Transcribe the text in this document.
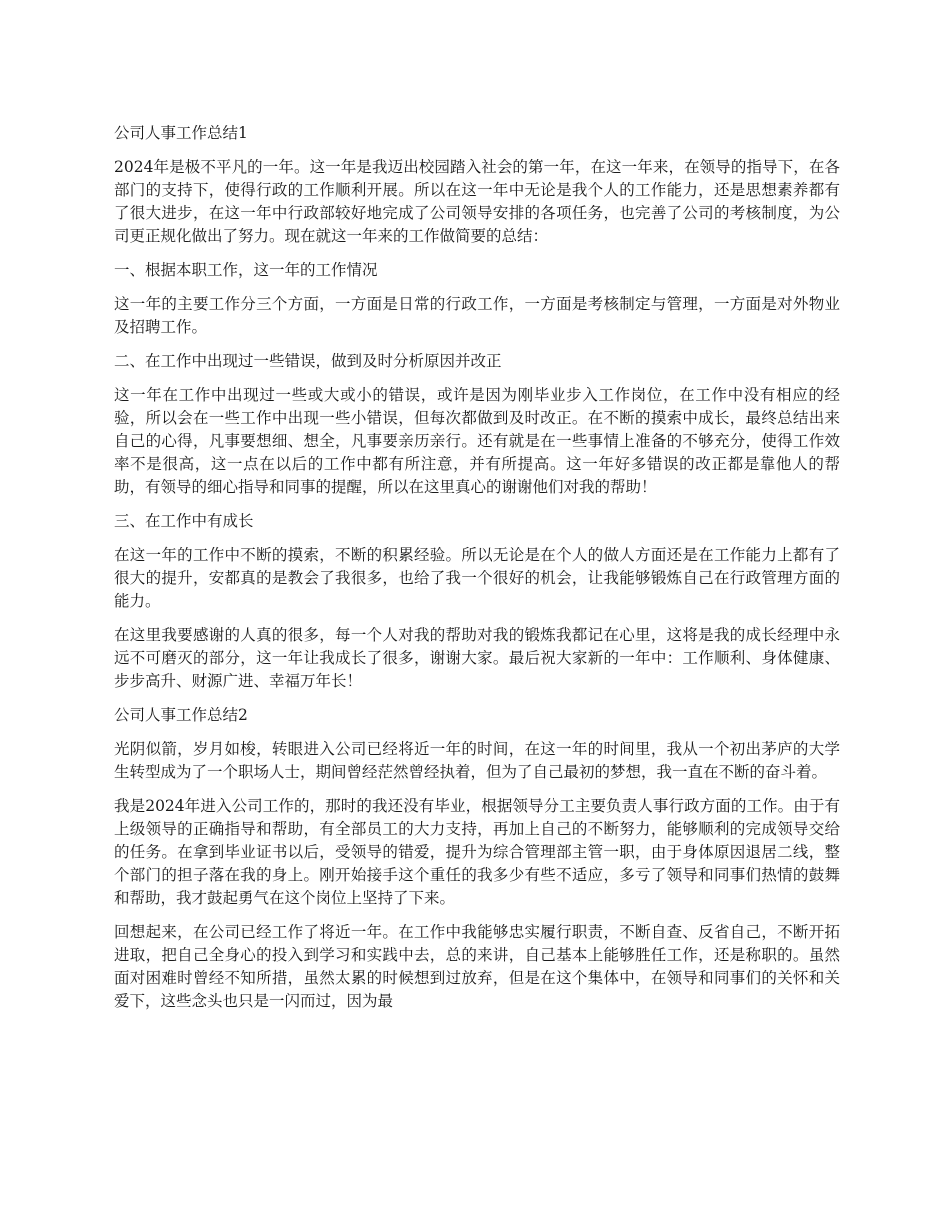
公司人事工作总结1

2024年是极不平凡的一年。这一年是我迈出校园踏入社会的第一年，在这一年来，在领导的指导下，在各部门的支持下，使得行政的工作顺利开展。所以在这一年中无论是我个人的工作能力，还是思想素养都有了很大进步，在这一年中行政部较好地完成了公司领导安排的各项任务，也完善了公司的考核制度，为公司更正规化做出了努力。现在就这一年来的工作做简要的总结：

一、根据本职工作，这一年的工作情况

这一年的主要工作分三个方面，一方面是日常的行政工作，一方面是考核制定与管理，一方面是对外物业及招聘工作。

二、在工作中出现过一些错误，做到及时分析原因并改正

这一年在工作中出现过一些或大或小的错误，或许是因为刚毕业步入工作岗位，在工作中没有相应的经验，所以会在一些工作中出现一些小错误，但每次都做到及时改正。在不断的摸索中成长，最终总结出来自己的心得，凡事要想细、想全，凡事要亲历亲行。还有就是在一些事情上准备的不够充分，使得工作效率不是很高，这一点在以后的工作中都有所注意，并有所提高。这一年好多错误的改正都是靠他人的帮助，有领导的细心指导和同事的提醒，所以在这里真心的谢谢他们对我的帮助！

三、在工作中有成长

在这一年的工作中不断的摸索，不断的积累经验。所以无论是在个人的做人方面还是在工作能力上都有了很大的提升，安都真的是教会了我很多，也给了我一个很好的机会，让我能够锻炼自己在行政管理方面的能力。

在这里我要感谢的人真的很多，每一个人对我的帮助对我的锻炼我都记在心里，这将是我的成长经理中永远不可磨灭的部分，这一年让我成长了很多，谢谢大家。最后祝大家新的一年中：工作顺利、身体健康、步步高升、财源广进、幸福万年长！

公司人事工作总结2

光阴似箭，岁月如梭，转眼进入公司已经将近一年的时间，在这一年的时间里，我从一个初出茅庐的大学生转型成为了一个职场人士，期间曾经茫然曾经执着，但为了自己最初的梦想，我一直在不断的奋斗着。

我是2024年进入公司工作的，那时的我还没有毕业，根据领导分工主要负责人事行政方面的工作。由于有上级领导的正确指导和帮助，有全部员工的大力支持，再加上自己的不断努力，能够顺利的完成领导交给的任务。在拿到毕业证书以后，受领导的错爱，提升为综合管理部主管一职，由于身体原因退居二线，整个部门的担子落在我的身上。刚开始接手这个重任的我多少有些不适应，多亏了领导和同事们热情的鼓舞和帮助，我才鼓起勇气在这个岗位上坚持了下来。

回想起来，在公司已经工作了将近一年。在工作中我能够忠实履行职责，不断自查、反省自己，不断开拓进取，把自己全身心的投入到学习和实践中去，总的来讲，自己基本上能够胜任工作，还是称职的。虽然面对困难时曾经不知所措，虽然太累的时候想到过放弃，但是在这个集体中，在领导和同事们的关怀和关爱下，这些念头也只是一闪而过，因为最
